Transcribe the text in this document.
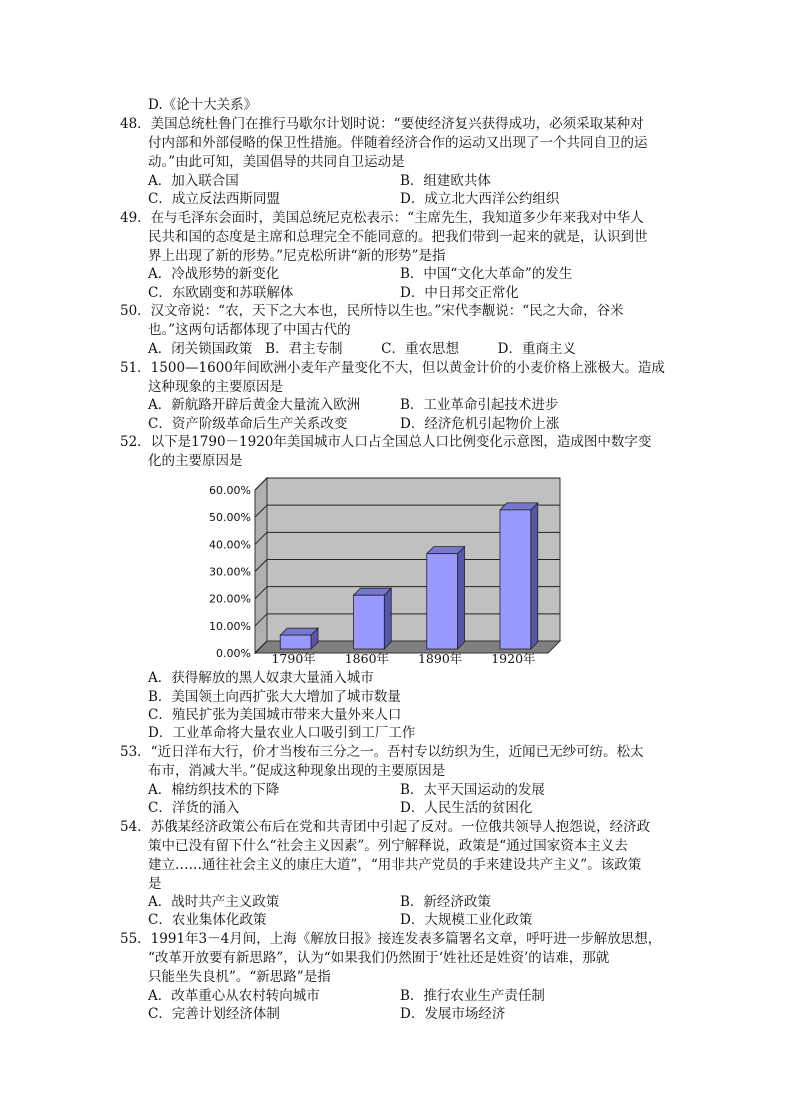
D.《论十大关系》
48．美国总统杜鲁门在推行马歇尔计划时说：“要使经济复兴获得成功，必须采取某种对
付内部和外部侵略的保卫性措施。伴随着经济合作的运动又出现了一个共同自卫的运
动。”由此可知，美国倡导的共同自卫运动是
A．加入联合国	B．组建欧共体
C．成立反法西斯同盟	D．成立北大西洋公约组织
49．在与毛泽东会面时，美国总统尼克松表示：“主席先生，我知道多少年来我对中华人
民共和国的态度是主席和总理完全不能同意的。把我们带到一起来的就是，认识到世
界上出现了新的形势。”尼克松所讲“新的形势”是指
A．冷战形势的新变化	B．中国“文化大革命”的发生
C．东欧剧变和苏联解体	D．中日邦交正常化
50．汉文帝说：“农，天下之大本也，民所恃以生也。”宋代李觏说：“民之大命，谷米
也。”这两句话都体现了中国古代的
A．闭关锁国政策   B．君主专制         C．重农思想         D．重商主义
51．1500—1600年间欧洲小麦年产量变化不大，但以黄金计价的小麦价格上涨极大。造成
这种现象的主要原因是
A．新航路开辟后黄金大量流入欧洲	B．工业革命引起技术进步
C．资产阶级革命后生产关系改变	D．经济危机引起物价上涨
52．以下是1790－1920年美国城市人口占全国总人口比例变化示意图，造成图中数字变
化的主要原因是
0.00%
10.00%
20.00%
30.00%
40.00%
50.00%
60.00%
1790年 1860年 1890年 1920年
A．获得解放的黑人奴隶大量涌入城市
B．美国领土向西扩张大大增加了城市数量
C．殖民扩张为美国城市带来大量外来人口
D．工业革命将大量农业人口吸引到工厂工作
53．“近日洋布大行，价才当梭布三分之一。吾村专以纺织为生，近闻已无纱可纺。松太
布市，消减大半。”促成这种现象出现的主要原因是
A．棉纺织技术的下降	B．太平天国运动的发展
C．洋货的涌入	D．人民生活的贫困化
54．苏俄某经济政策公布后在党和共青团中引起了反对。一位俄共领导人抱怨说，经济政
策中已没有留下什么“社会主义因素”。列宁解释说，政策是“通过国家资本主义去
建立……通往社会主义的康庄大道”，“用非共产党员的手来建设共产主义”。该政策
是
A．战时共产主义政策	B．新经济政策
C．农业集体化政策	D．大规模工业化政策
55．1991年3－4月间，上海《解放日报》接连发表多篇署名文章，呼吁进一步解放思想，
“改革开放要有新思路”，认为“如果我们仍然囿于‘姓社还是姓资’的诘难，那就
只能坐失良机”。“新思路”是指
A．改革重心从农村转向城市	B．推行农业生产责任制
C．完善计划经济体制	D．发展市场经济
